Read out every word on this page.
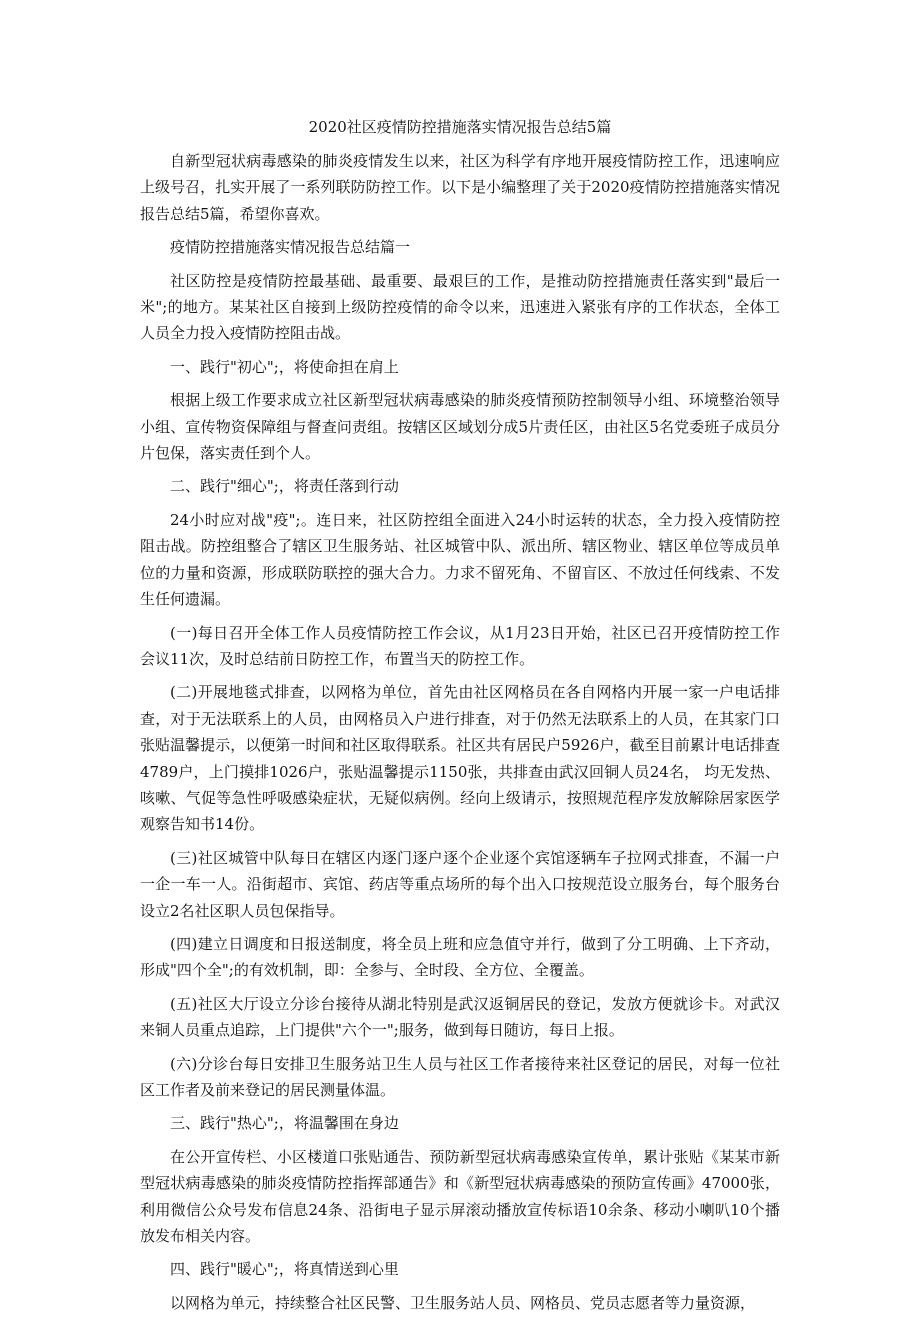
2020社区疫情防控措施落实情况报告总结5篇

自新型冠状病毒感染的肺炎疫情发生以来，社区为科学有序地开展疫情防控工作，迅速响应上级号召，扎实开展了一系列联防防控工作。以下是小编整理了关于2020疫情防控措施落实情况报告总结5篇，希望你喜欢。

疫情防控措施落实情况报告总结篇一

社区防控是疫情防控最基础、最重要、最艰巨的工作，是推动防控措施责任落实到"最后一米";的地方。某某社区自接到上级防控疫情的命令以来，迅速进入紧张有序的工作状态，全体工人员全力投入疫情防控阻击战。

一、践行"初心";，将使命担在肩上

根据上级工作要求成立社区新型冠状病毒感染的肺炎疫情预防控制领导小组、环境整治领导小组、宣传物资保障组与督查问责组。按辖区区域划分成5片责任区，由社区5名党委班子成员分片包保，落实责任到个人。

二、践行"细心";，将责任落到行动

24小时应对战"疫";。连日来，社区防控组全面进入24小时运转的状态，全力投入疫情防控阻击战。防控组整合了辖区卫生服务站、社区城管中队、派出所、辖区物业、辖区单位等成员单位的力量和资源，形成联防联控的强大合力。力求不留死角、不留盲区、不放过任何线索、不发生任何遗漏。

(一)每日召开全体工作人员疫情防控工作会议，从1月23日开始，社区已召开疫情防控工作会议11次，及时总结前日防控工作，布置当天的防控工作。

(二)开展地毯式排查，以网格为单位，首先由社区网格员在各自网格内开展一家一户电话排查，对于无法联系上的人员，由网格员入户进行排查，对于仍然无法联系上的人员，在其家门口张贴温馨提示，以便第一时间和社区取得联系。社区共有居民户5926户，截至目前累计电话排查4789户，上门摸排1026户，张贴温馨提示1150张，共排查由武汉回铜人员24名， 均无发热、咳嗽、气促等急性呼吸感染症状，无疑似病例。经向上级请示，按照规范程序发放解除居家医学观察告知书14份。

(三)社区城管中队每日在辖区内逐门逐户逐个企业逐个宾馆逐辆车子拉网式排查，不漏一户一企一车一人。沿街超市、宾馆、药店等重点场所的每个出入口按规范设立服务台，每个服务台设立2名社区职人员包保指导。

(四)建立日调度和日报送制度，将全员上班和应急值守并行，做到了分工明确、上下齐动，形成"四个全";的有效机制，即：全参与、全时段、全方位、全覆盖。

(五)社区大厅设立分诊台接待从湖北特别是武汉返铜居民的登记，发放方便就诊卡。对武汉来铜人员重点追踪，上门提供"六个一";服务，做到每日随访，每日上报。

(六)分诊台每日安排卫生服务站卫生人员与社区工作者接待来社区登记的居民，对每一位社区工作者及前来登记的居民测量体温。

三、践行"热心";，将温馨围在身边

在公开宣传栏、小区楼道口张贴通告、预防新型冠状病毒感染宣传单，累计张贴《某某市新型冠状病毒感染的肺炎疫情防控指挥部通告》和《新型冠状病毒感染的预防宣传画》47000张，利用微信公众号发布信息24条、沿街电子显示屏滚动播放宣传标语10余条、移动小喇叭10个播放发布相关内容。

四、践行"暖心";，将真情送到心里

以网格为单元，持续整合社区民警、卫生服务站人员、网格员、党员志愿者等力量资源，
